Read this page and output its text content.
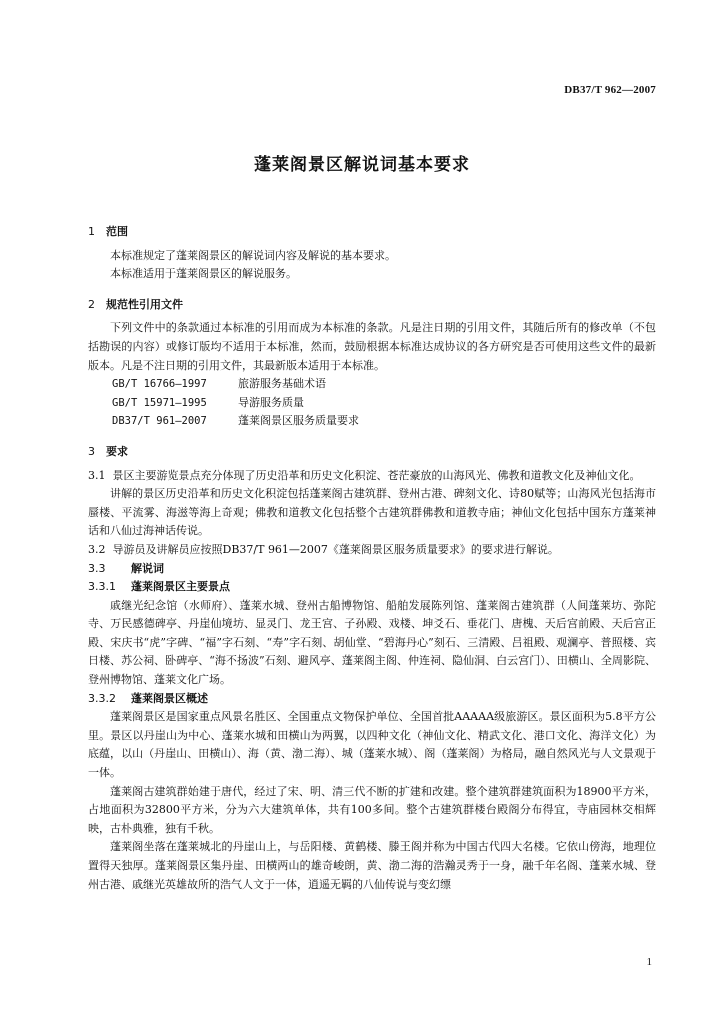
DB37/T 962—2007
蓬莱阁景区解说词基本要求
1 范围

本标准规定了蓬莱阁景区的解说词内容及解说的基本要求。

本标准适用于蓬莱阁景区的解说服务。

2 规范性引用文件

下列文件中的条款通过本标准的引用而成为本标准的条款。凡是注日期的引用文件，其随后所有的修改单（不包括勘误的内容）或修订版均不适用于本标准，然而，鼓励根据本标准达成协议的各方研究是否可使用这些文件的最新版本。凡是不注日期的引用文件，其最新版本适用于本标准。

GB/T 16766—1997	旅游服务基础术语

GB/T 15971—1995	导游服务质量

DB37/T 961—2007	蓬莱阁景区服务质量要求

3 要求

3.1 景区主要游览景点充分体现了历史沿革和历史文化积淀、苍茫豪放的山海风光、佛教和道教文化及神仙文化。

讲解的景区历史沿革和历史文化积淀包括蓬莱阁古建筑群、登州古港、碑刻文化、诗80赋等；山海风光包括海市蜃楼、平流雾、海滋等海上奇观；佛教和道教文化包括整个古建筑群佛教和道教寺庙；神仙文化包括中国东方蓬莱神话和八仙过海神话传说。

3.2 导游员及讲解员应按照DB37/T 961—2007《蓬莱阁景区服务质量要求》的要求进行解说。

3.3 解说词
3.3.1 蓬莱阁景区主要景点

戚继光纪念馆（水师府）、蓬莱水城、登州古船博物馆、船舶发展陈列馆、蓬莱阁古建筑群（人间蓬莱坊、弥陀寺、万民感德碑亭、丹崖仙境坊、显灵门、龙王宫、子孙殿、戏楼、坤爻石、垂花门、唐槐、天后宫前殿、天后宫正殿、宋庆书“虎”字碑、“福”字石刻、“寿”字石刻、胡仙堂、“碧海丹心”刻石、三清殿、吕祖殿、观澜亭、普照楼、宾日楼、苏公祠、卧碑亭、“海不扬波”石刻、避风亭、蓬莱阁主阁、仲连祠、隐仙洞、白云宫门）、田横山、全周影院、登州博物馆、蓬莱文化广场。

3.3.2 蓬莱阁景区概述

蓬莱阁景区是国家重点风景名胜区、全国重点文物保护单位、全国首批AAAAA级旅游区。景区面积为5.8平方公里。景区以丹崖山为中心、蓬莱水城和田横山为两翼，以四种文化（神仙文化、精武文化、港口文化、海洋文化）为底蕴，以山（丹崖山、田横山）、海（黄、渤二海）、城（蓬莱水城）、阁（蓬莱阁）为格局，融自然风光与人文景观于一体。

蓬莱阁古建筑群始建于唐代，经过了宋、明、清三代不断的扩建和改建。整个建筑群建筑面积为18900平方米，占地面积为32800平方米，分为六大建筑单体，共有100多间。整个古建筑群楼台殿阁分布得宜，寺庙园林交相辉映，古朴典雅，独有千秋。

蓬莱阁坐落在蓬莱城北的丹崖山上，与岳阳楼、黄鹤楼、滕王阁并称为中国古代四大名楼。它依山傍海，地理位置得天独厚。蓬莱阁景区集丹崖、田横两山的雄奇峻朗，黄、渤二海的浩瀚灵秀于一身，融千年名阁、蓬莱水城、登州古港、戚继光英雄故所的浩气人文于一体，逍遥无羁的八仙传说与变幻缥

1
